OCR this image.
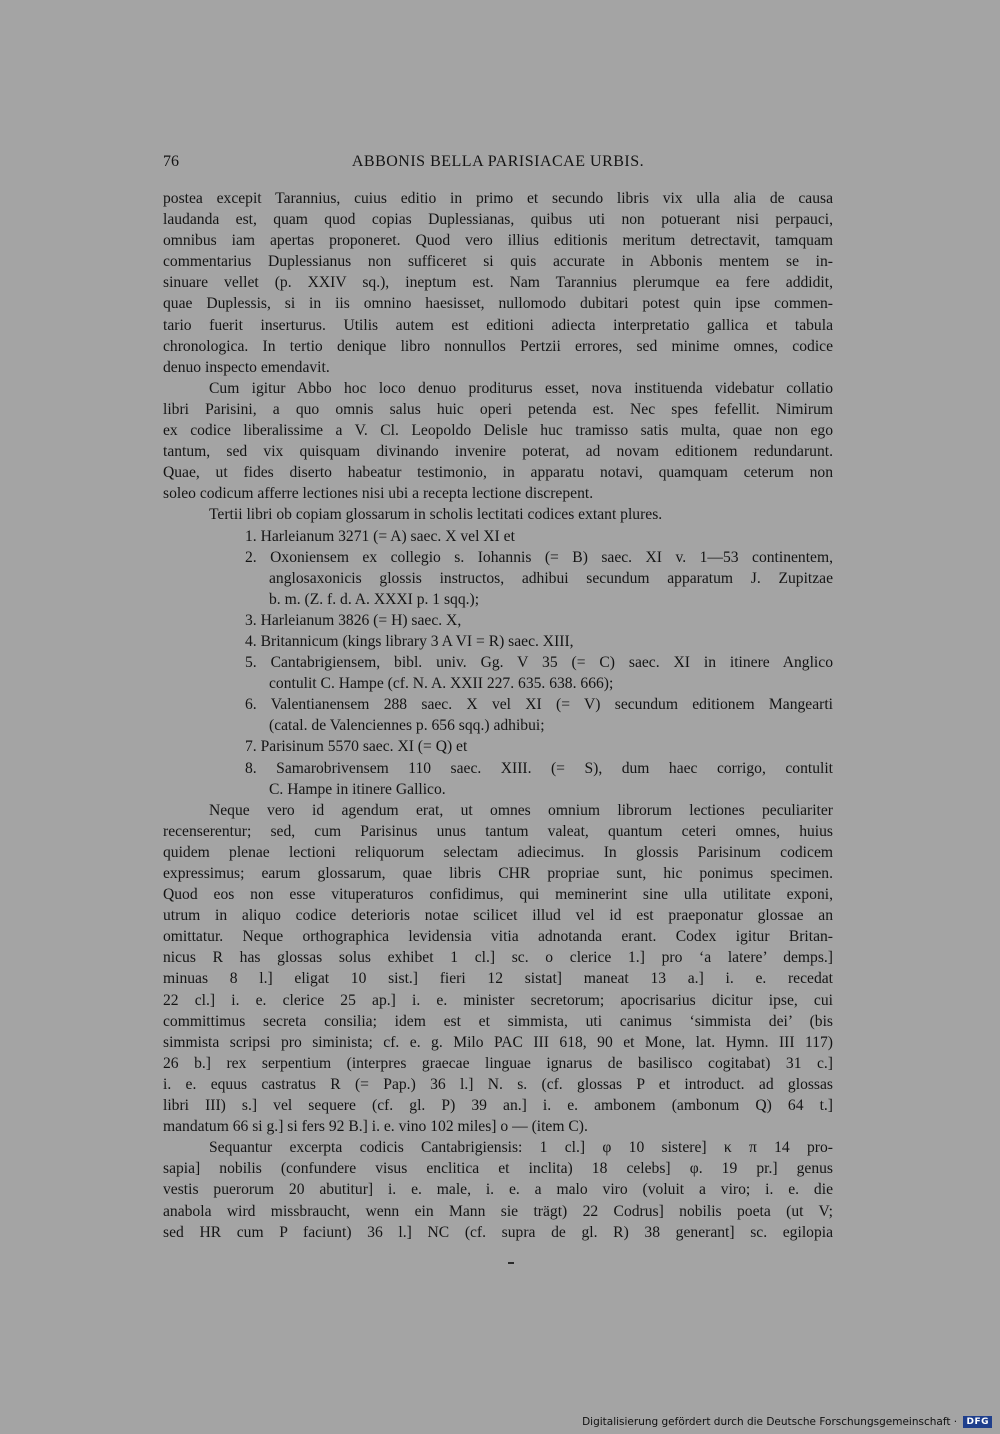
76	ABBONIS BELLA PARISIACAE URBIS.
postea excepit Tarannius, cuius editio in primo et secundo libris vix ulla alia de causa
laudanda est, quam quod copias Duplessianas, quibus uti non potuerant nisi perpauci,
omnibus iam apertas proponeret. Quod vero illius editionis meritum detrectavit, tamquam
commentarius Duplessianus non sufficeret si quis accurate in Abbonis mentem se in-
sinuare vellet (p. XXIV sq.), ineptum est. Nam Tarannius plerumque ea fere addidit,
quae Duplessis, si in iis omnino haesisset, nullomodo dubitari potest quin ipse commen-
tario fuerit inserturus. Utilis autem est editioni adiecta interpretatio gallica et tabula
chronologica. In tertio denique libro nonnullos Pertzii errores, sed minime omnes, codice
denuo inspecto emendavit.
Cum igitur Abbo hoc loco denuo proditurus esset, nova instituenda videbatur collatio
libri Parisini, a quo omnis salus huic operi petenda est. Nec spes fefellit. Nimirum
ex codice liberalissime a V. Cl. Leopoldo Delisle huc tramisso satis multa, quae non ego
tantum, sed vix quisquam divinando invenire poterat, ad novam editionem redundarunt.
Quae, ut fides diserto habeatur testimonio, in apparatu notavi, quamquam ceterum non
soleo codicum afferre lectiones nisi ubi a recepta lectione discrepent.
Tertii libri ob copiam glossarum in scholis lectitati codices extant plures.
1. Harleianum 3271 (= A) saec. X vel XI et
2. Oxoniensem ex collegio s. Iohannis (= B) saec. XI v. 1—53 continentem,
anglosaxonicis glossis instructos, adhibui secundum apparatum J. Zupitzae
b. m. (Z. f. d. A. XXXI p. 1 sqq.);
3. Harleianum 3826 (= H) saec. X,
4. Britannicum (kings library 3 A VI = R) saec. XIII,
5. Cantabrigiensem, bibl. univ. Gg. V 35 (= C) saec. XI in itinere Anglico
contulit C. Hampe (cf. N. A. XXII 227. 635. 638. 666);
6. Valentianensem 288 saec. X vel XI (= V) secundum editionem Mangearti
(catal. de Valenciennes p. 656 sqq.) adhibui;
7. Parisinum 5570 saec. XI (= Q) et
8. Samarobrivensem 110 saec. XIII. (= S), dum haec corrigo, contulit
C. Hampe in itinere Gallico.
Neque vero id agendum erat, ut omnes omnium librorum lectiones peculiariter
recenserentur; sed, cum Parisinus unus tantum valeat, quantum ceteri omnes, huius
quidem plenae lectioni reliquorum selectam adiecimus. In glossis Parisinum codicem
expressimus; earum glossarum, quae libris CHR propriae sunt, hic ponimus specimen.
Quod eos non esse vituperaturos confidimus, qui meminerint sine ulla utilitate exponi,
utrum in aliquo codice deterioris notae scilicet illud vel id est praeponatur glossae an
omittatur. Neque orthographica levidensia vitia adnotanda erant. Codex igitur Britan-
nicus R has glossas solus exhibet 1 cl.] sc. o clerice 1.] pro ‘a latere’ demps.]
minuas 8 l.] eligat 10 sist.] fieri 12 sistat] maneat 13 a.] i. e. recedat
22 cl.] i. e. clerice 25 ap.] i. e. minister secretorum; apocrisarius dicitur ipse, cui
committimus secreta consilia; idem est et simmista, uti canimus ‘simmista dei’ (bis
simmista scripsi pro siminista; cf. e. g. Milo PAC III 618, 90 et Mone, lat. Hymn. III 117)
26 b.] rex serpentium (interpres graecae linguae ignarus de basilisco cogitabat) 31 c.]
i. e. equus castratus R (= Pap.) 36 l.] N. s. (cf. glossas P et introduct. ad glossas
libri III) s.] vel sequere (cf. gl. P) 39 an.] i. e. ambonem (ambonum Q) 64 t.]
mandatum 66 si g.] si fers 92 B.] i. e. vino 102 miles] o — (item C).
Sequantur excerpta codicis Cantabrigiensis: 1 cl.] φ 10 sistere] κ π 14 pro-
sapia] nobilis (confundere visus enclitica et inclita) 18 celebs] φ. 19 pr.] genus
vestis puerorum 20 abutitur] i. e. male, i. e. a malo viro (voluit a viro; i. e. die
anabola wird missbraucht, wenn ein Mann sie trägt) 22 Codrus] nobilis poeta (ut V;
sed HR cum P faciunt) 36 l.] NC (cf. supra de gl. R) 38 generant] sc. egilopia
Digitalisierung gefördert durch die Deutsche Forschungsgemeinschaft · DFG
